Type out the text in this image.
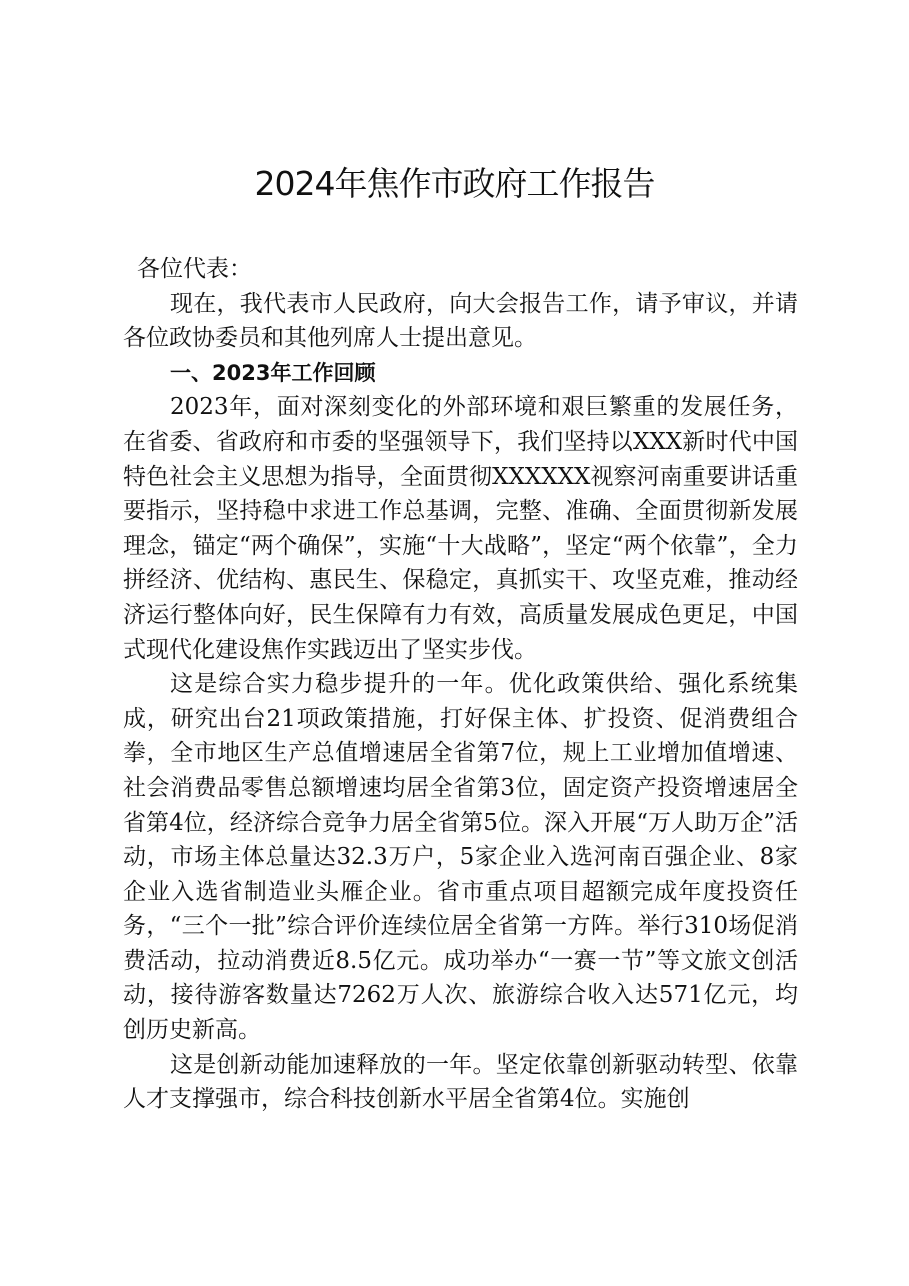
2024年焦作市政府工作报告

各位代表：

现在，我代表市人民政府，向大会报告工作，请予审议，并请各位政协委员和其他列席人士提出意见。

一、2023年工作回顾

2023年，面对深刻变化的外部环境和艰巨繁重的发展任务，在省委、省政府和市委的坚强领导下，我们坚持以XXX新时代中国特色社会主义思想为指导，全面贯彻XXXXXX视察河南重要讲话重要指示，坚持稳中求进工作总基调，完整、准确、全面贯彻新发展理念，锚定“两个确保”，实施“十大战略”，坚定“两个依靠”，全力拼经济、优结构、惠民生、保稳定，真抓实干、攻坚克难，推动经济运行整体向好，民生保障有力有效，高质量发展成色更足，中国式现代化建设焦作实践迈出了坚实步伐。

这是综合实力稳步提升的一年。优化政策供给、强化系统集成，研究出台21项政策措施，打好保主体、扩投资、促消费组合拳，全市地区生产总值增速居全省第7位，规上工业增加值增速、社会消费品零售总额增速均居全省第3位，固定资产投资增速居全省第4位，经济综合竞争力居全省第5位。深入开展“万人助万企”活动，市场主体总量达32.3万户，5家企业入选河南百强企业、8家企业入选省制造业头雁企业。省市重点项目超额完成年度投资任务，“三个一批”综合评价连续位居全省第一方阵。举行310场促消费活动，拉动消费近8.5亿元。成功举办“一赛一节”等文旅文创活动，接待游客数量达7262万人次、旅游综合收入达571亿元，均创历史新高。

这是创新动能加速释放的一年。坚定依靠创新驱动转型、依靠人才支撑强市，综合科技创新水平居全省第4位。实施创
